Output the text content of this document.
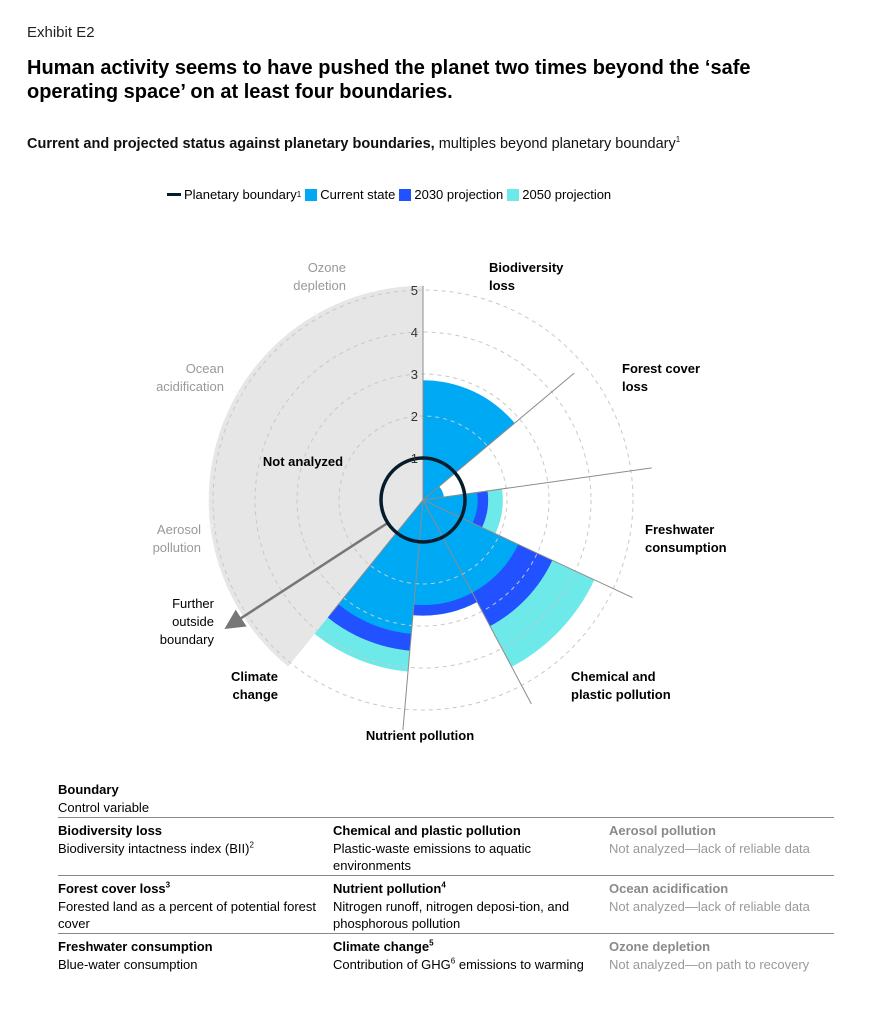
Exhibit E2
Human activity seems to have pushed the planet two times beyond the ‘safe operating space’ on at least four boundaries.
Current and projected status against planetary boundaries, multiples beyond planetary boundary$^1$
Planetary boundary 1 Current state 2030 projection 2050 projection
1
2
3
4
5
Biodiversity loss
Forest cover loss
Freshwater consumption
Chemical and plastic pollution
Nutrient pollution
Climate change
Aerosol pollution
Ocean acidification
Ozone depletion
Not analyzed
Further outside boundary
Boundary
Control variable
Biodiversity loss
Biodiversity intactness index (BII)$^2$
Chemical and plastic pollution
Plastic-waste emissions to aquatic environments
Aerosol pollution
Not analyzed—lack of reliable data
Forest cover loss$^3$
Forested land as a percent of potential forest cover
Nutrient pollution$^4$
Nitrogen runoff, nitrogen deposi-tion, and phosphorous pollution
Ocean acidification
Not analyzed—lack of reliable data
Freshwater consumption
Blue-water consumption
Climate change$^5$
Contribution of GHG$^6$ emissions to warming
Ozone depletion
Not analyzed—on path to recovery
